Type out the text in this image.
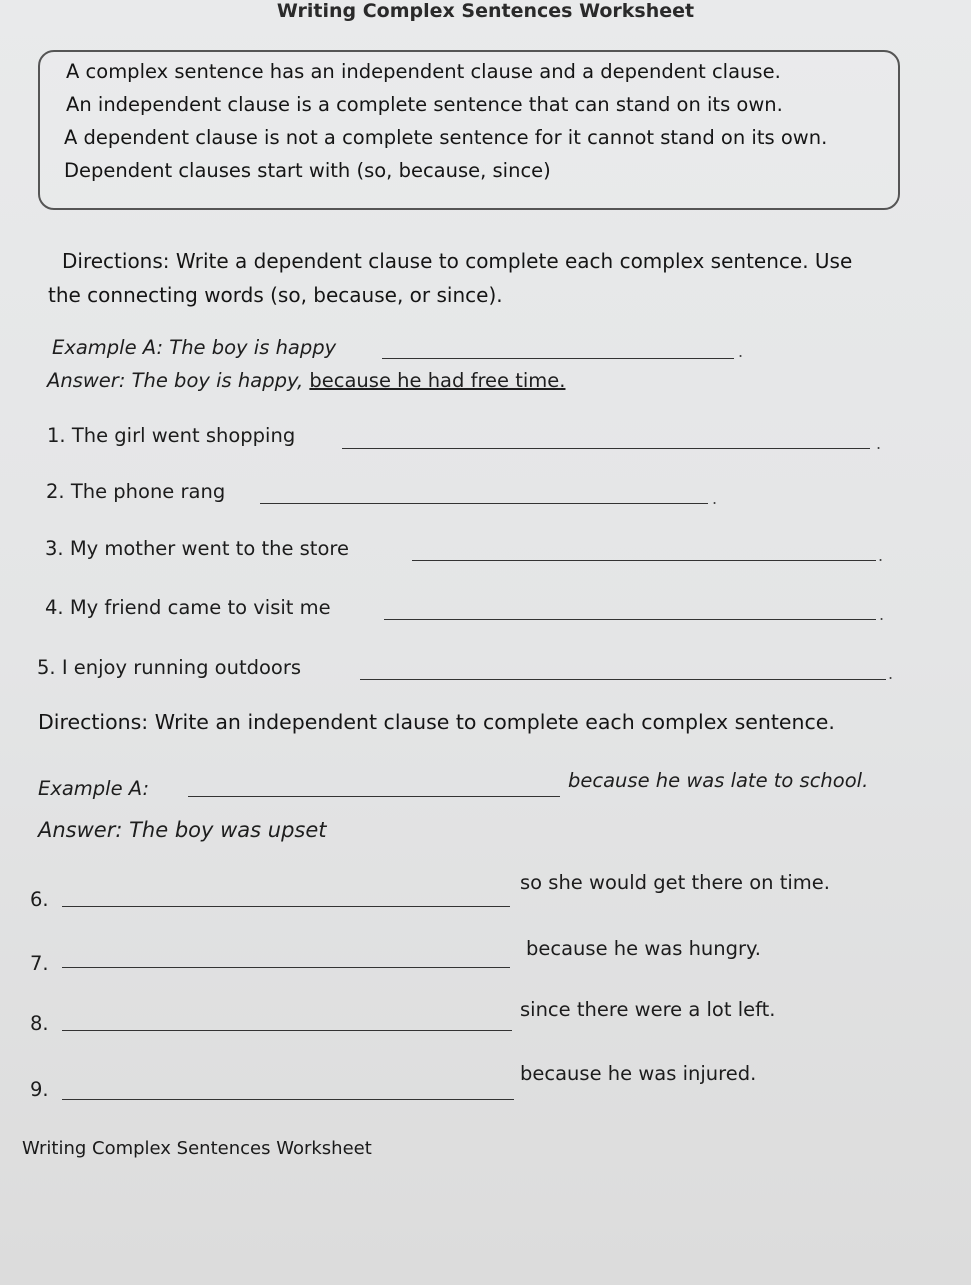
Writing Complex Sentences Worksheet
A complex sentence has an independent clause and a dependent clause.
An independent clause is a complete sentence that can stand on its own.
A dependent clause is not a complete sentence for it cannot stand on its own.
Dependent clauses start with (so, because, since)
Directions: Write a dependent clause to complete each complex sentence. Use
the connecting words (so, because, or since).
Example A: The boy is happy	.
Answer: The boy is happy, because he had free time.
1. The girl went shopping	.
2. The phone rang	.
3. My mother went to the store	.
4. My friend came to visit me	.
5. I enjoy running outdoors	.
Directions: Write an independent clause to complete each complex sentence.
Example A:	because he was late to school.
Answer: The boy was upset
6.
so she would get there on time.
7.
because he was hungry.
8.
since there were a lot left.
9.
because he was injured.
Writing Complex Sentences Worksheet
